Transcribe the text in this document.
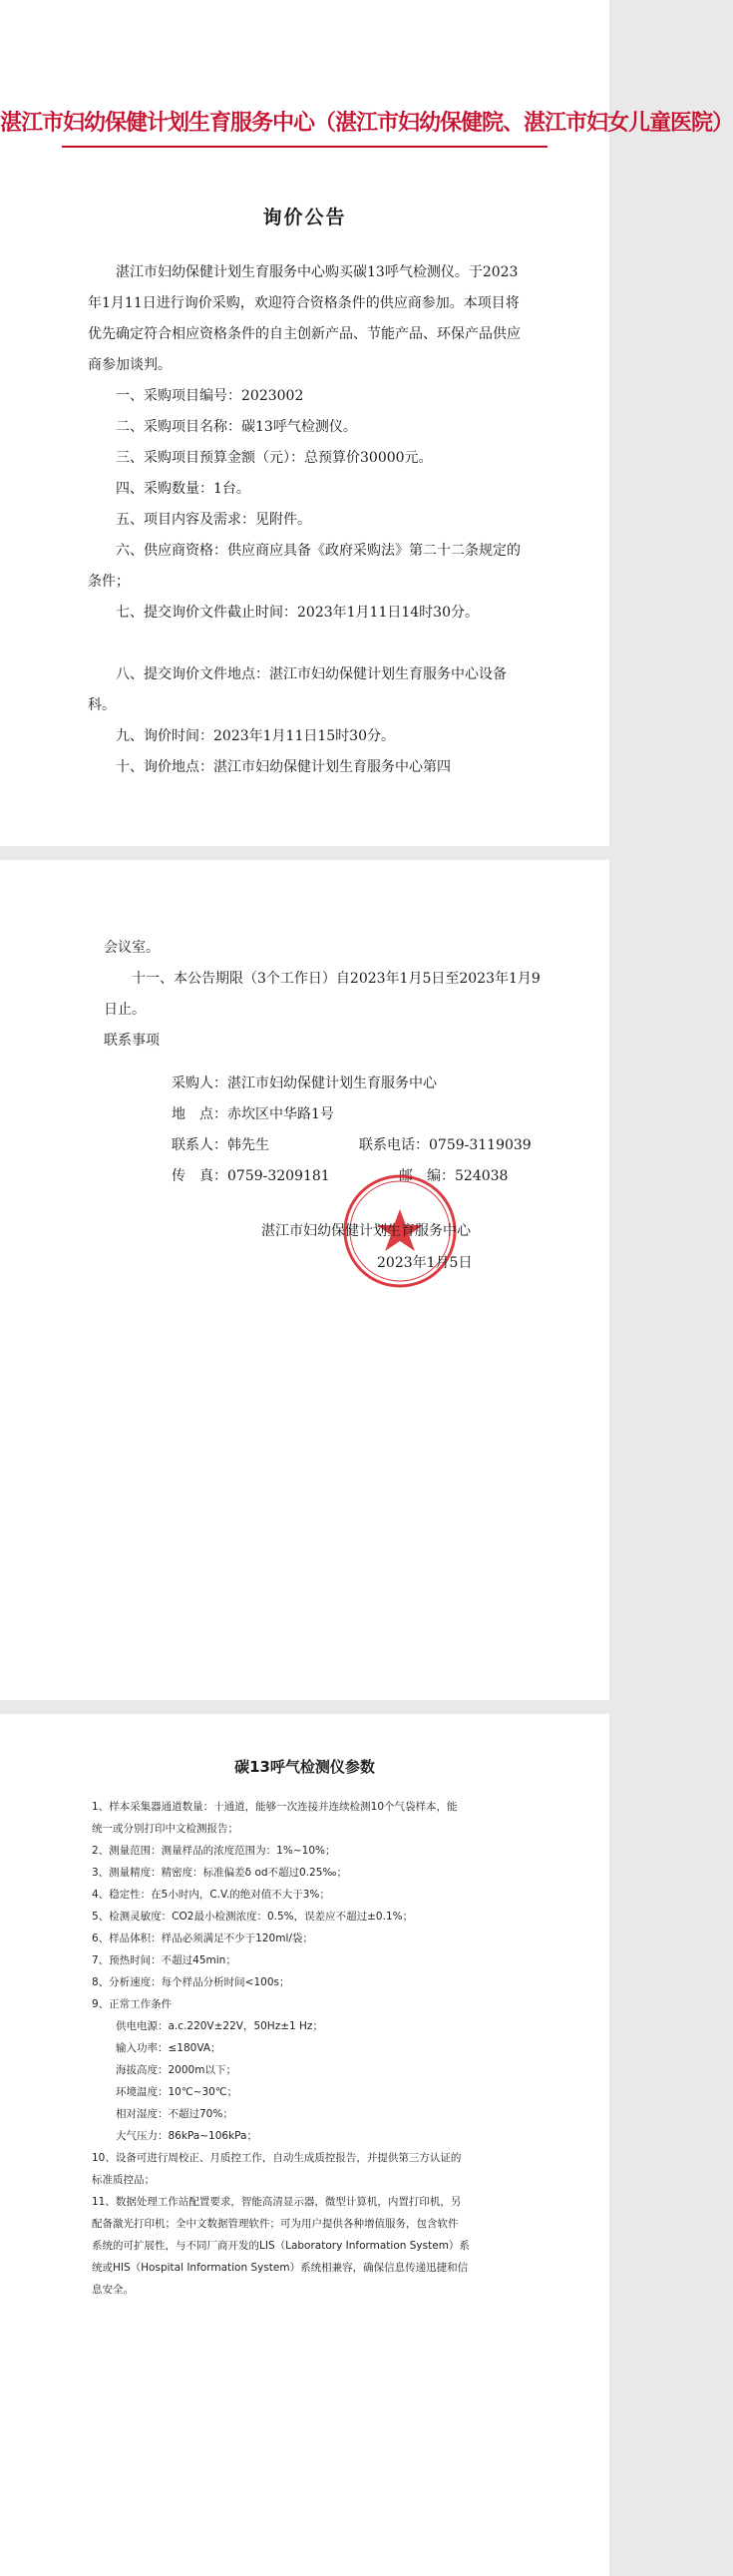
湛江市妇幼保健计划生育服务中心（湛江市妇幼保健院、湛江市妇女儿童医院）
询价公告
湛江市妇幼保健计划生育服务中心购买碳13呼气检测仪。于2023年1月11日进行询价采购，欢迎符合资格条件的供应商参加。本项目将优先确定符合相应资格条件的自主创新产品、节能产品、环保产品供应商参加谈判。
一、采购项目编号：2023002
二、采购项目名称：碳13呼气检测仪。
三、采购项目预算金额（元）：总预算价30000元。
四、采购数量：1台。
五、项目内容及需求：见附件。
六、供应商资格：供应商应具备《政府采购法》第二十二条规定的条件；
七、提交询价文件截止时间：2023年1月11日14时30分。
八、提交询价文件地点：湛江市妇幼保健计划生育服务中心设备科。
九、询价时间：2023年1月11日15时30分。
十、询价地点：湛江市妇幼保健计划生育服务中心第四
会议室。
十一、本公告期限（3个工作日）自2023年1月5日至2023年1月9日止。
联系事项
采购人：湛江市妇幼保健计划生育服务中心
地　点：赤坎区中华路1号
联系人：韩先生	联系电话：0759-3119039
传　真：0759-3209181	邮　编：524038
湛江市妇幼保健计划生育服务中心
2023年1月5日
碳13呼气检测仪参数
1、样本采集器通道数量：十通道，能够一次连接并连续检测10个气袋样本，能
统一或分别打印中文检测报告；
2、测量范围：测量样品的浓度范围为：1%~10%；
3、测量精度：精密度：标准偏差δ od不超过0.25‰；
4、稳定性：在5小时内，C.V.的绝对值不大于3%；
5、检测灵敏度：CO2最小检测浓度：0.5%，误差应不超过±0.1%；
6、样品体积：样品必须满足不少于120ml/袋；
7、预热时间：不超过45min；
8、分析速度：每个样品分析时间<100s；
9、正常工作条件
供电电源：a.c.220V±22V，50Hz±1 Hz；
输入功率：≤180VA；
海拔高度：2000m以下；
环境温度：10℃~30℃；
相对湿度：不超过70%；
大气压力：86kPa~106kPa；
10、设备可进行周校正、月质控工作，自动生成质控报告，并提供第三方认证的
标准质控品；
11、数据处理工作站配置要求，智能高清显示器，微型计算机，内置打印机，另
配备激光打印机；全中文数据管理软件；可为用户提供各种增值服务，包含软件
系统的可扩展性，与不同厂商开发的LIS（Laboratory Information System）系
统或HIS（Hospital Information System）系统相兼容，确保信息传递迅捷和信
息安全。
